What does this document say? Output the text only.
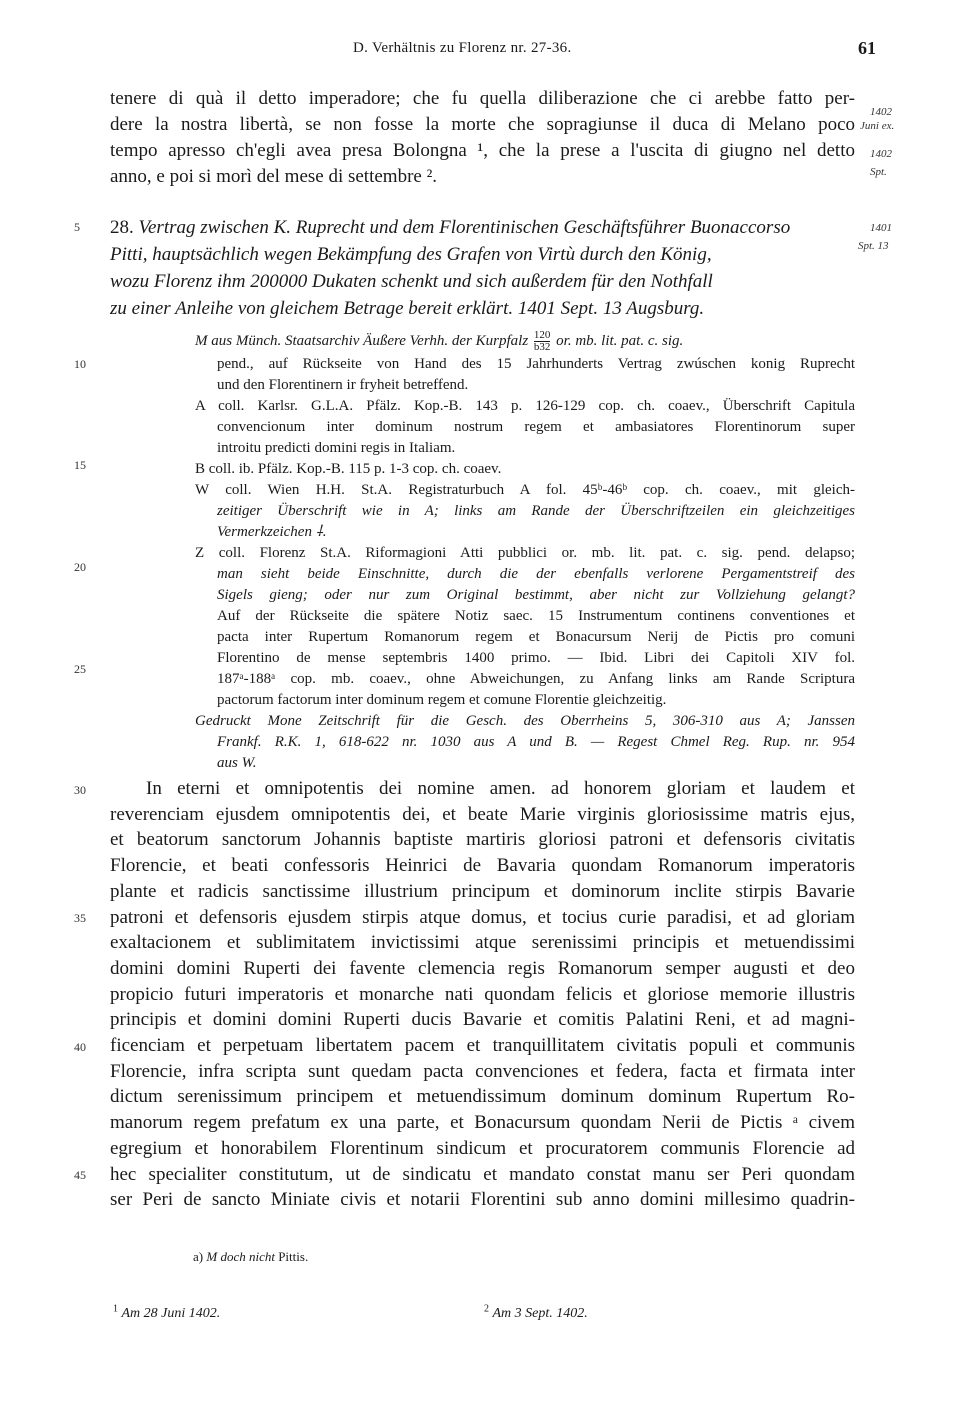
D. Verhältnis zu Florenz nr. 27-36.	61
tenere di quà il detto imperadore; che fu quella diliberazione che ci arebbe fatto per-
dere la nostra libertà, se non fosse la morte che sopragiunse il duca di Melano poco
tempo apresso ch'egli avea presa Bolongna ¹, che la prese a l'uscita di giugno nel detto
anno, e poi si morì del mese di settembre ².
1402
Juni ex.
1402
Spt.
5 28. Vertrag zwischen K. Ruprecht und dem Florentinischen Geschäftsführer Buonaccorso
Pitti, hauptsächlich wegen Bekämpfung des Grafen von Virtù durch den König,
wozu Florenz ihm 200000 Dukaten schenkt und sich außerdem für den Nothfall
zu einer Anleihe von gleichem Betrage bereit erklärt. 1401 Sept. 13 Augsburg.
1401
Spt. 13
M aus Münch. Staatsarchiv Äußere Verhh. der Kurpfalz $\frac{120}{b32}$ or. mb. lit. pat. c. sig.
pend., auf Rückseite von Hand des 15 Jahrhunderts Vertrag zwúschen konig Ruprecht
und den Florentinern ir fryheit betreffend.
A coll. Karlsr. G.L.A. Pfälz. Kop.-B. 143 p. 126-129 cop. ch. coaev., Überschrift Capitula
convencionum inter dominum nostrum regem et ambasiatores Florentinorum super
introitu predicti domini regis in Italiam.
B coll. ib. Pfälz. Kop.-B. 115 p. 1-3 cop. ch. coaev.
W coll. Wien H.H. St.A. Registraturbuch A fol. 45ᵇ-46ᵇ cop. ch. coaev., mit gleich-
zeitiger Überschrift wie in A; links am Rande der Überschriftzeilen ein gleichzeitiges
Vermerkzeichen ⸸.
Z coll. Florenz St.A. Riformagioni Atti pubblici or. mb. lit. pat. c. sig. pend. delapso;
man sieht beide Einschnitte, durch die der ebenfalls verlorene Pergamentstreif des
Sigels gieng; oder nur zum Original bestimmt, aber nicht zur Vollziehung gelangt?
Auf der Rückseite die spätere Notiz saec. 15 Instrumentum continens conventiones et
pacta inter Rupertum Romanorum regem et Bonacursum Nerij de Pictis pro comuni
Florentino de mense septembris 1400 primo. — Ibid. Libri dei Capitoli XIV fol.
187ᵃ-188ᵃ cop. mb. coaev., ohne Abweichungen, zu Anfang links am Rande Scriptura
pactorum factorum inter dominum regem et comune Florentie gleichzeitig.
Gedruckt Mone Zeitschrift für die Gesch. des Oberrheins 5, 306-310 aus A; Janssen
Frankf. R.K. 1, 618-622 nr. 1030 aus A und B. — Regest Chmel Reg. Rup. nr. 954
aus W.
In eterni et omnipotentis dei nomine amen. ad honorem gloriam et laudem et
reverenciam ejusdem omnipotentis dei, et beate Marie virginis gloriosissime matris ejus,
et beatorum sanctorum Johannis baptiste martiris gloriosi patroni et defensoris civitatis
Florencie, et beati confessoris Heinrici de Bavaria quondam Romanorum imperatoris
plante et radicis sanctissime illustrium principum et dominorum inclite stirpis Bavarie
patroni et defensoris ejusdem stirpis atque domus, et tocius curie paradisi, et ad gloriam
exaltacionem et sublimitatem invictissimi atque serenissimi principis et metuendissimi
domini domini Ruperti dei favente clemencia regis Romanorum semper augusti et deo
propicio futuri imperatoris et monarche nati quondam felicis et gloriose memorie illustris
principis et domini domini Ruperti ducis Bavarie et comitis Palatini Reni, et ad magni-
ficenciam et perpetuam libertatem pacem et tranquillitatem civitatis populi et communis
Florencie, infra scripta sunt quedam pacta convenciones et federa, facta et firmata inter
dictum serenissimum principem et metuendissimum dominum dominum Rupertum Ro-
manorum regem prefatum ex una parte, et Bonacursum quondam Nerii de Pictis ᵃ civem
egregium et honorabilem Florentinum sindicum et procuratorem communis Florencie ad
hec specialiter constitutum, ut de sindicatu et mandato constat manu ser Peri quondam
ser Peri de sancto Miniate civis et notarii Florentini sub anno domini millesimo quadrin-
10
15
20
25
30
35
40
45
a) M doch nicht Pittis.
$^1$ Am 28 Juni 1402.	$^2$ Am 3 Sept. 1402.
